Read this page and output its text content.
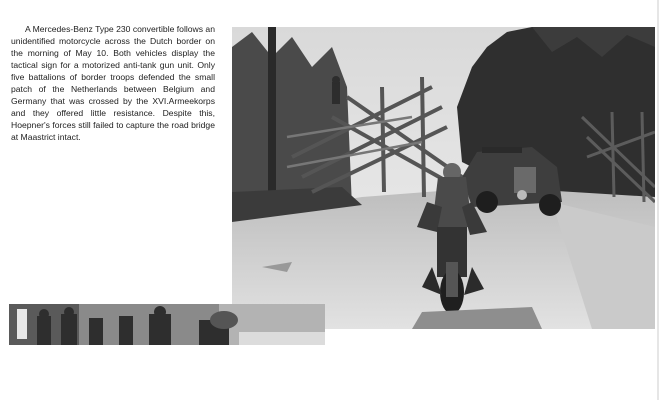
A Mercedes-Benz Type 230 convertible follows an unidentified motorcycle across the Dutch border on the morning of May 10. Both vehicles display the tactical sign for a motorized anti-tank gun unit. Only five battalions of border troops defended the small patch of the Netherlands between Belgium and Germany that was crossed by the XVI.Armeekorps and they offered little resistance. Despite this, Hoepner's forces still failed to capture the road bridge at Maastrict intact.
